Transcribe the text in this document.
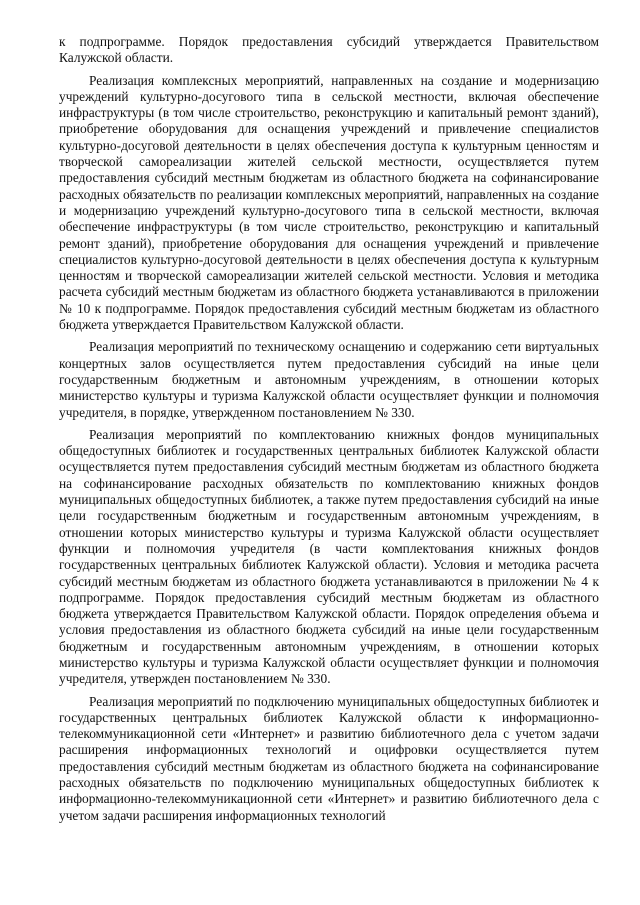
к подпрограмме. Порядок предоставления субсидий утверждается Правительством Калужской области.

Реализация комплексных мероприятий, направленных на создание и модернизацию учреждений культурно-досугового типа в сельской местности, включая обеспечение инфраструктуры (в том числе строительство, реконструкцию и капитальный ремонт зданий), приобретение оборудования для оснащения учреждений и привлечение специалистов культурно-досуговой деятельности в целях обеспечения доступа к культурным ценностям и творческой самореализации жителей сельской местности, осуществляется путем предоставления субсидий местным бюджетам из областного бюджета на софинансирование расходных обязательств по реализации комплексных мероприятий, направленных на создание и модернизацию учреждений культурно-досугового типа в сельской местности, включая обеспечение инфраструктуры (в том числе строительство, реконструкцию и капитальный ремонт зданий), приобретение оборудования для оснащения учреждений и привлечение специалистов культурно-досуговой деятельности в целях обеспечения доступа к культурным ценностям и творческой самореализации жителей сельской местности. Условия и методика расчета субсидий местным бюджетам из областного бюджета устанавливаются в приложении № 10 к подпрограмме. Порядок предоставления субсидий местным бюджетам из областного бюджета утверждается Правительством Калужской области.

Реализация мероприятий по техническому оснащению и содержанию сети виртуальных концертных залов осуществляется путем предоставления субсидий на иные цели государственным бюджетным и автономным учреждениям, в отношении которых министерство культуры и туризма Калужской области осуществляет функции и полномочия учредителя, в порядке, утвержденном постановлением № 330.

Реализация мероприятий по комплектованию книжных фондов муниципальных общедоступных библиотек и государственных центральных библиотек Калужской области осуществляется путем предоставления субсидий местным бюджетам из областного бюджета на софинансирование расходных обязательств по комплектованию книжных фондов муниципальных общедоступных библиотек, а также путем предоставления субсидий на иные цели государственным бюджетным и государственным автономным учреждениям, в отношении которых министерство культуры и туризма Калужской области осуществляет функции и полномочия учредителя (в части комплектования книжных фондов государственных центральных библиотек Калужской области). Условия и методика расчета субсидий местным бюджетам из областного бюджета устанавливаются в приложении № 4 к подпрограмме. Порядок предоставления субсидий местным бюджетам из областного бюджета утверждается Правительством Калужской области. Порядок определения объема и условия предоставления из областного бюджета субсидий на иные цели государственным бюджетным и государственным автономным учреждениям, в отношении которых министерство культуры и туризма Калужской области осуществляет функции и полномочия учредителя, утвержден постановлением № 330.

Реализация мероприятий по подключению муниципальных общедоступных библиотек и государственных центральных библиотек Калужской области к информационно-телекоммуникационной сети «Интернет» и развитию библиотечного дела с учетом задачи расширения информационных технологий и оцифровки осуществляется путем предоставления субсидий местным бюджетам из областного бюджета на софинансирование расходных обязательств по подключению муниципальных общедоступных библиотек к информационно-телекоммуникационной сети «Интернет» и развитию библиотечного дела с учетом задачи расширения информационных технологий
